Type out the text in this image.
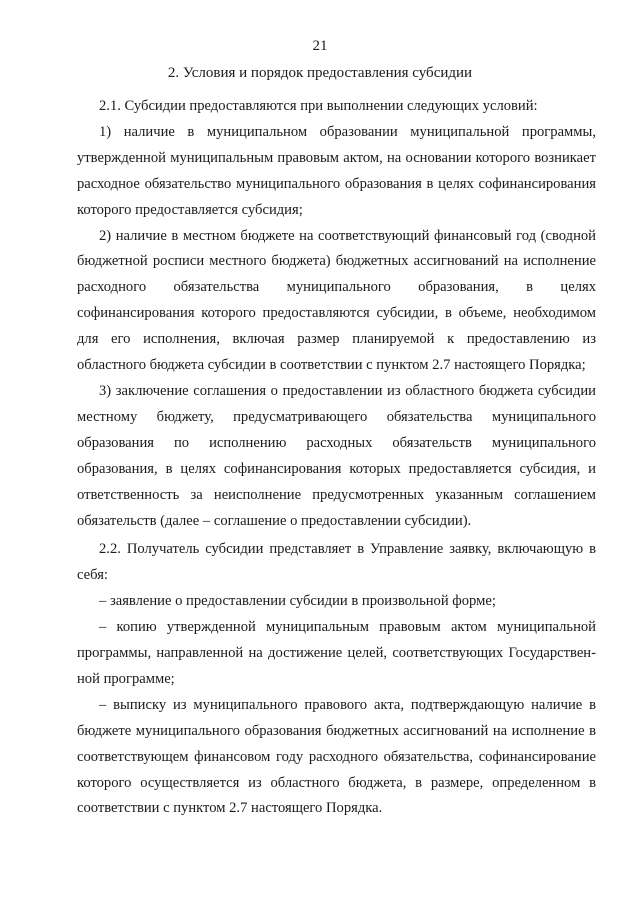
21
2. Условия и порядок предоставления субсидии

2.1. Субсидии предоставляются при выполнении следующих условий:

1) наличие в муниципальном образовании муниципальной программы, утвержденной муниципальным правовым актом, на основании которого возникает расходное обязательство муниципального образования в целях софинансирования которого предоставляется субсидия;

2) наличие в местном бюджете на соответствующий финансовый год (сводной бюджетной росписи местного бюджета) бюджетных ассигнований на исполнение расходного обязательства муниципального образования, в целях софинансирования которого предоставляются субсидии, в объеме, необходимом для его исполнения, включая размер планируемой к предоставлению из областного бюджета субсидии в соответствии с пунктом 2.7 настоящего Порядка;

3) заключение соглашения о предоставлении из областного бюджета субсидии местному бюджету, предусматривающего обязательства муниципального образования по исполнению расходных обязательств муниципального образования, в целях софинансирования которых предоставляется субсидия, и ответственность за неисполнение предусмотренных указанным соглашением обязательств (далее – соглашение о предоставлении субсидии).

2.2. Получатель субсидии представляет в Управление заявку, включающую в себя:

– заявление о предоставлении субсидии в произвольной форме;

– копию утвержденной муниципальным правовым актом муниципальной программы, направленной на достижение целей, соответствующих Государственной программе;

– выписку из муниципального правового акта, подтверждающую наличие в бюджете муниципального образования бюджетных ассигнований на исполнение в соответствующем финансовом году расходного обязательства, софинансирование которого осуществляется из областного бюджета, в размере, определенном в соответствии с пунктом 2.7 настоящего Порядка.
